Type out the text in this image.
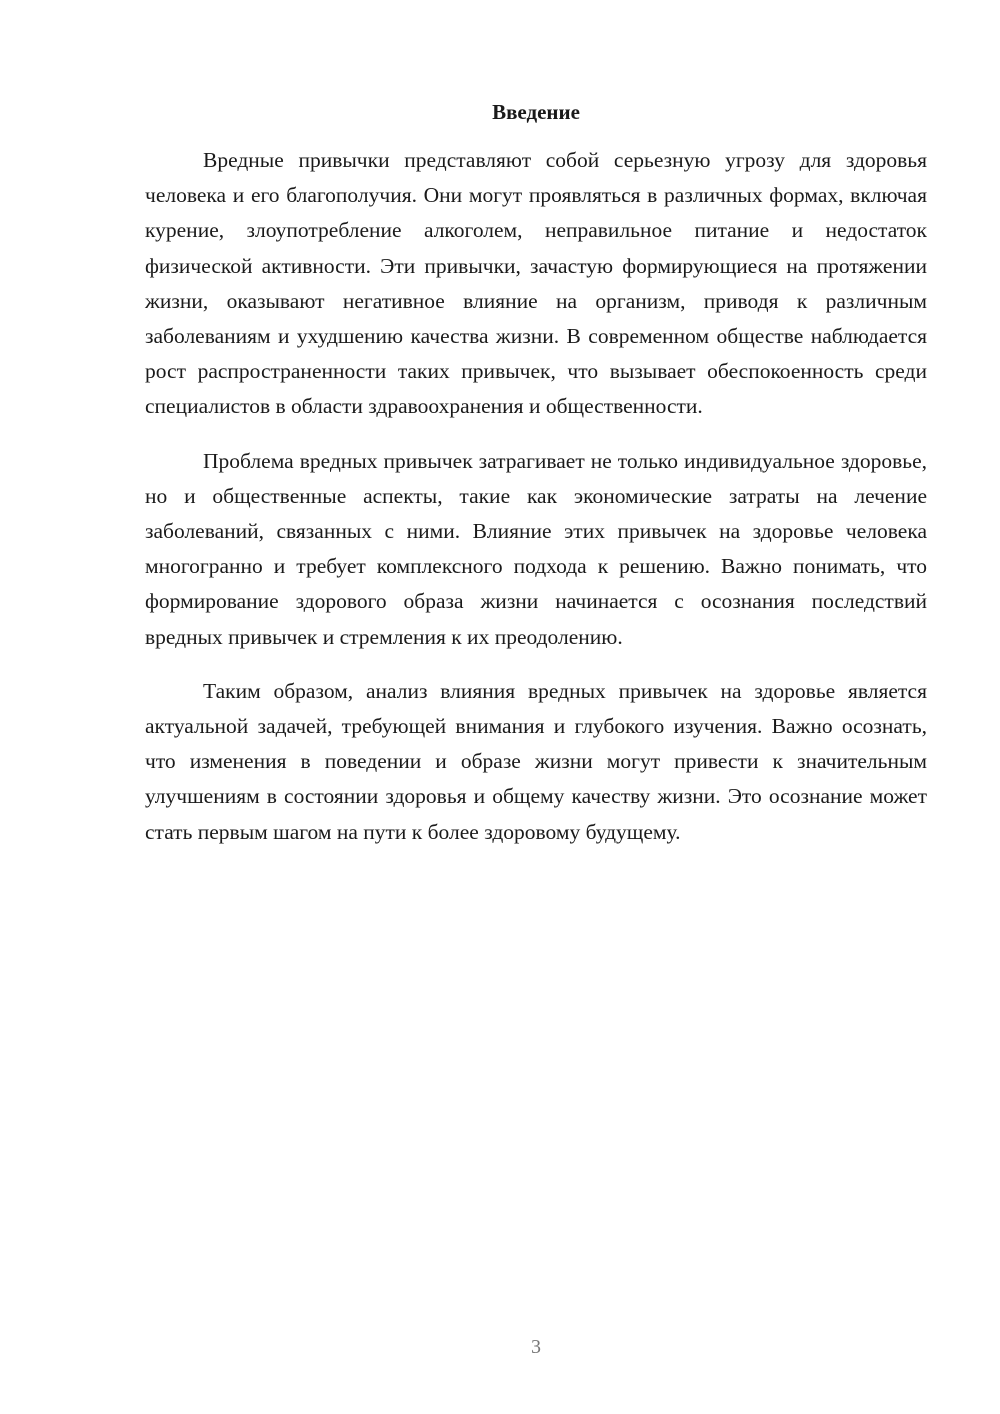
Введение

Вредные привычки представляют собой серьезную угрозу для здоровья человека и его благополучия. Они могут проявляться в различных формах, включая курение, злоупотребление алкоголем, неправильное питание и недостаток физической активности. Эти привычки, зачастую формирующиеся на протяжении жизни, оказывают негативное влияние на организм, приводя к различным заболеваниям и ухудшению качества жизни. В современном обществе наблюдается рост распространенности таких привычек, что вызывает обеспокоенность среди специалистов в области здравоохранения и общественности.

Проблема вредных привычек затрагивает не только индивидуальное здоровье, но и общественные аспекты, такие как экономические затраты на лечение заболеваний, связанных с ними. Влияние этих привычек на здоровье человека многогранно и требует комплексного подхода к решению. Важно понимать, что формирование здорового образа жизни начинается с осознания последствий вредных привычек и стремления к их преодолению.

Таким образом, анализ влияния вредных привычек на здоровье является актуальной задачей, требующей внимания и глубокого изучения. Важно осознать, что изменения в поведении и образе жизни могут привести к значительным улучшениям в состоянии здоровья и общему качеству жизни. Это осознание может стать первым шагом на пути к более здоровому будущему.

3
